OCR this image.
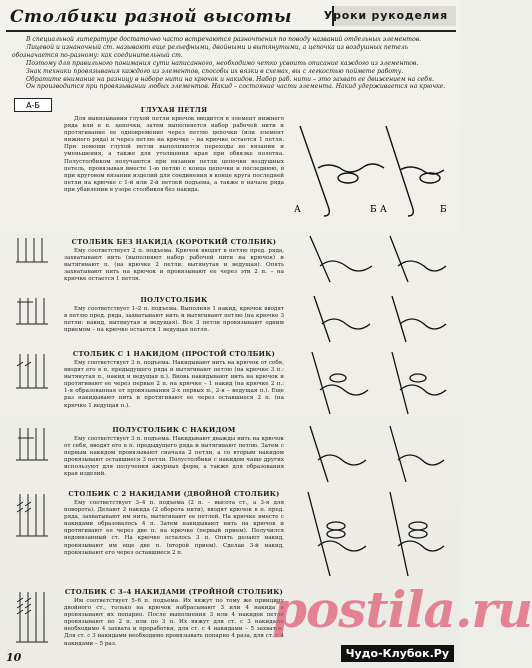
Столбики разной высоты	Уроки рукоделия

В специальной литературе достаточно часто встречаются разночтения по поводу названий отдельных элементов.

Лицевой и изнаночный ст. называют еще рельефными, двойными и вытянутыми, а цепочка из воздушных петель обозначается по-разному: как соединительный ст.

Поэтому для правильного понимания сути написанного, необходимо четко усвоить описание каждого из элементов.

Знак техники провязывания каждого из элементов, способы их вязки в схемах, вы с легкостью поймете работу.

Обратите внимание на разницу в наборе нити на крючок и накидов. Набор раб. нити – это захват ее движением на себя.

Он производится при провязывании любых элементов. Накид – состояние части элемента. Накид удерживается на крючке.

А-Б	ГЛУХАЯ ПЕТЛЯ

Для вывязывания глухой петли крючок вводится в элемент нижнего ряда или в п. цепочки, затем выполняется набор рабочей нити и протягивание ее одновременно через петлю цепочки (или элемент нижнего ряда) и через петлю на крючке – на крючке остается 1 петля. При помощи глухой петли выполняются переходы во вязании и уменьшения, а также для утолщения края при обвязке полотна. Полустолбиком получаются при вязании петли цепочки воздушных петель, провязывая вместе 1-ю петлю с конца цепочки и последнюю, в при круговом вязании изделий для соединения в конце круга последней петли на крючке с 1-й или 2-й петлей подъема, а также в начале ряда при убавлении в узоре столбиков без накида.

А	Б А	Б
СТОЛБИК БЕЗ НАКИДА (КОРОТКИЙ СТОЛБИК)

Ему соответствует 2 п. подъема. Крючок вводят в петлю пред. ряда, захватывают нить (выполняют набор рабочей нити на крючок) и вытягивают п. (на крючке 2 петли: вытянутая и ведущая). Опять захватывают нить на крючок и провязывают ее через эти 2 п. – на крючке остается 1 петля.

ПОЛУСТОЛБИК

Ему соответствует 1–2 п. подъема. Выполняя 1 накид, крючок вводят в петлю пред. ряда, захватывают нить и вытягивают петлю (на крючке 3 петли: накид, вытянутая и ведущая). Все 3 петли провязывают одним приемом – на крючке остается 1 ведущая петля.

СТОЛБИК С 1 НАКИДОМ (ПРОСТОЙ СТОЛБИК)

Ему соответствует 3 п. подъема. Накидывают нить на крючок от себя, вводят его в п. предыдущего ряда и вытягивают петлю (на крючке 3 п.: вытянутая п., накид и ведущая п.). Вновь накидывают нить на крючок и протягивают ее через первые 2 п. на крючке – 1 накид (на крючке 2 п.: 1-я образованная от провязывания 2-х первых п., 2-я – ведущая п.). Еще раз накидывают нить и протягивают ее через оставшиеся 2 п. (на крючке 1 ведущая п.).

ПОЛУСТОЛБИК С НАКИДОМ

Ему соответствует 3 п. подъема. Накидывают дважды нить на крючок от себя, вводят его в п. предыдущего ряда и вытягивают петлю. Затем с первым накидом провязывают сначала 2 петли, а со вторым накидом провязывают оставшиеся 3 петли. Полустолбики с накидом чаще других используют для получения ажурных форм, а также для образования края изделий.

СТОЛБИК С 2 НАКИДАМИ (ДВОЙНОЙ СТОЛБИК)

Ему соответствует 3–4 п. подъема (2 п. – высота ст., а 3-я для поворота). Делают 2 накида (2 оборота нити), вводят крючок в п. пред. ряда, захватывают им нить, вытягивают ее петлей. На крючке вместе с накидами образовалось 4 п. Затем накидывают нить на крючок и протягивают ее через две п. на крючке (первый прием). Получился недовязанный ст. На крючке осталось 3 п. Опять делают накид, провязывают им еще две п. (второй прием). Сделав 3-й накид, провязывают его через оставшиеся 2 п.

СТОЛБИК С 3–4 НАКИДАМИ (ТРОЙНОЙ СТОЛБИК)

Им соответствует 5–6 п. подъема. Их вяжут по тому же принципу двойного ст., только на крючок набрасывают 3 или 4 накида и провязывают их попарно. После выполнения 3 или 4 накидов петли провязывают по 2 п. или по 3 п. Их вяжут для ст. с 3 накидами необходимо 4 захвата и проработки, для ст. с 4 накидами – 5 захватов. Для ст. с 3 накидами необходимо провязывать попарно 4 раза, для ст. с 4 накидами – 5 раз.

postila.ru
10	Чудо-Клубок.Ру
